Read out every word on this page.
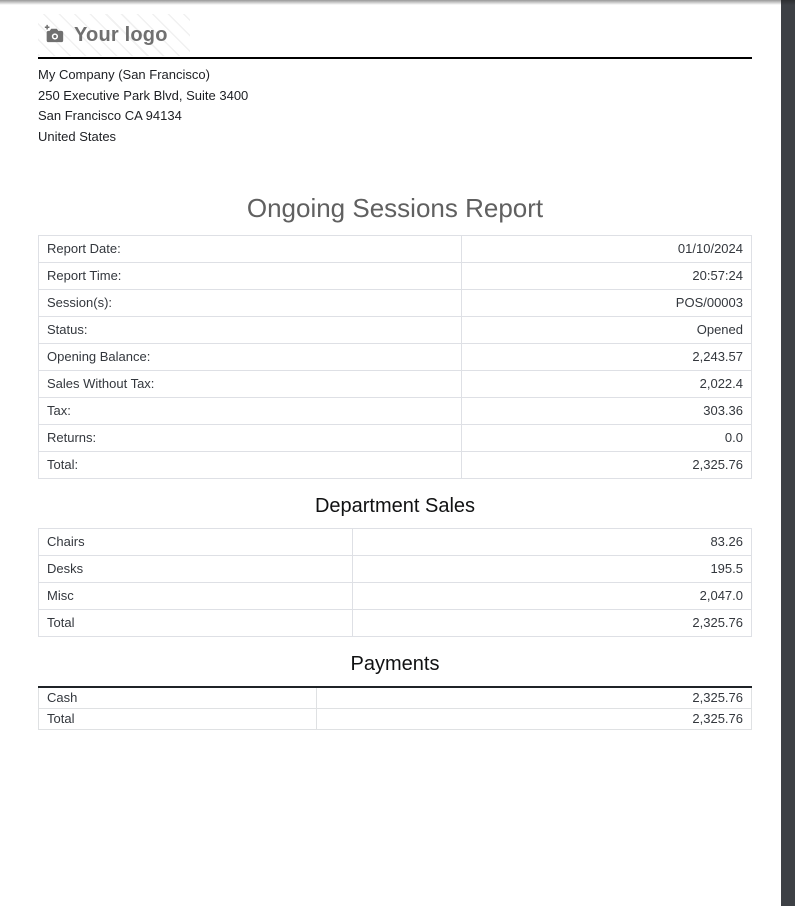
Your logo
My Company (San Francisco)
250 Executive Park Blvd, Suite 3400
San Francisco CA 94134
United States
Ongoing Sessions Report
Report Date:	01/10/2024
Report Time:	20:57:24
Session(s):	POS/00003
Status:	Opened
Opening Balance:	2,243.57
Sales Without Tax:	2,022.4
Tax:	303.36
Returns:	0.0
Total:	2,325.76
Department Sales
Chairs	83.26
Desks	195.5
Misc	2,047.0
Total	2,325.76
Payments
Cash	2,325.76
Total	2,325.76
